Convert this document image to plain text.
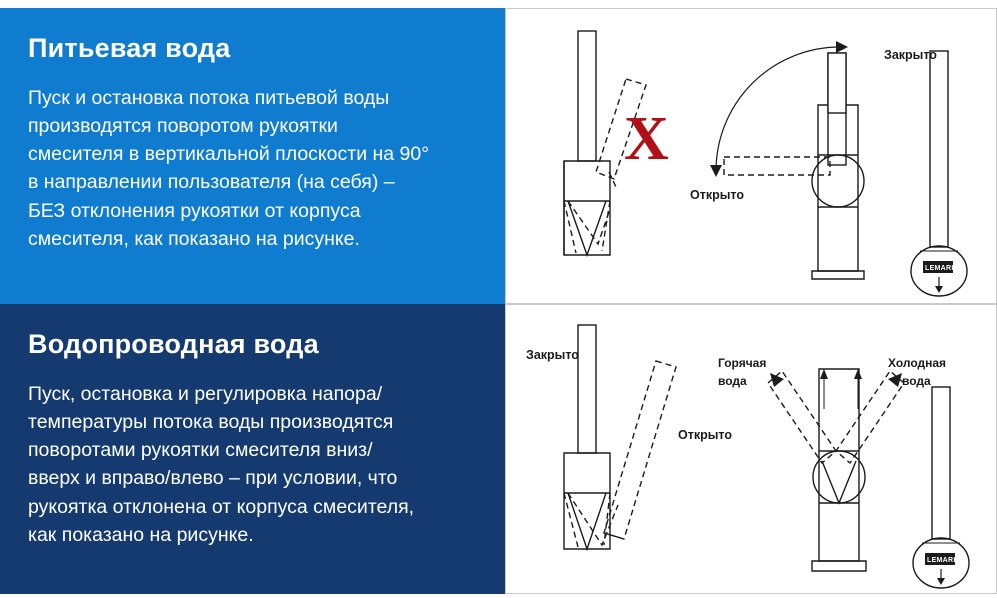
Питьевая вода
Пуск и остановка потока питьевой воды
производятся поворотом рукоятки
смесителя в вертикальной плоскости на 90°
в направлении пользователя (на себя) –
БЕЗ отклонения рукоятки от корпуса
смесителя, как показано на рисунке.
Водопроводная вода
Пуск, остановка и регулировка напора/
температуры потока воды производятся
поворотами рукоятки смесителя вниз/
вверх и вправо/влево – при условии, что
рукоятка отклонена от корпуса смесителя,
как показано на рисунке.
X
LEMARK
Закрыто
Открыто
LEMARK
Закрыто
Открыто
Горячая
вода
Холодная
вода
